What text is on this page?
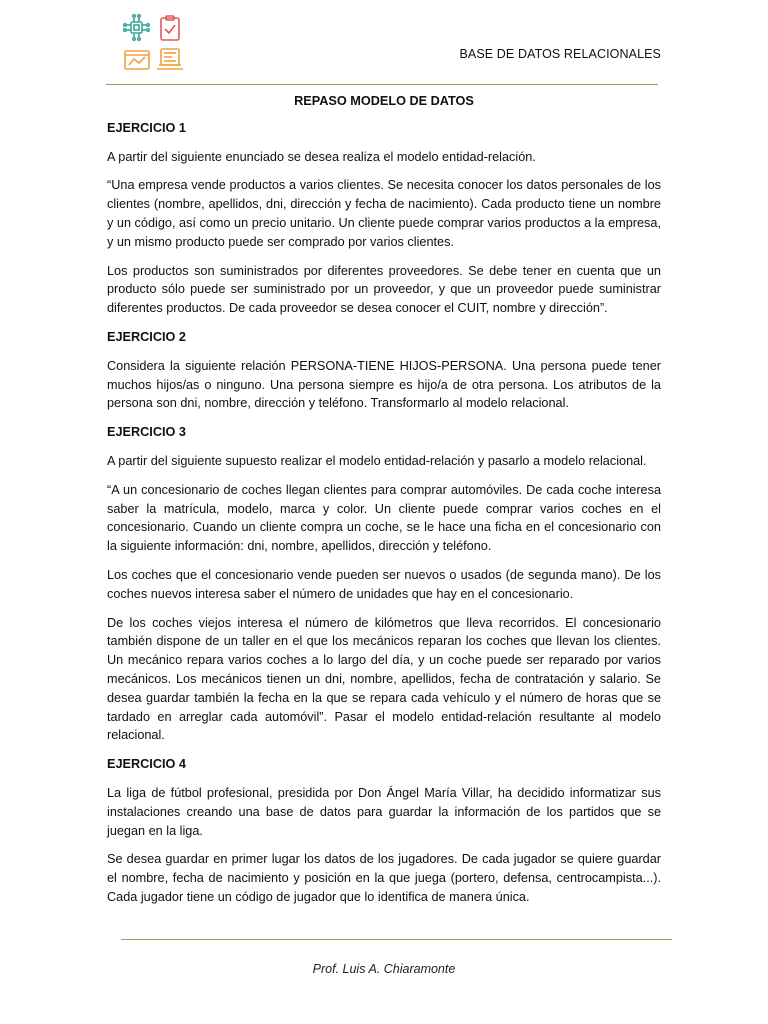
BASE DE DATOS RELACIONALES
REPASO MODELO DE DATOS
EJERCICIO 1

A partir del siguiente enunciado se desea realiza el modelo entidad-relación.

“Una empresa vende productos a varios clientes. Se necesita conocer los datos personales de los clientes (nombre, apellidos, dni, dirección y fecha de nacimiento). Cada producto tiene un nombre y un código, así como un precio unitario. Un cliente puede comprar varios productos a la empresa, y un mismo producto puede ser comprado por varios clientes.

Los productos son suministrados por diferentes proveedores. Se debe tener en cuenta que un producto sólo puede ser suministrado por un proveedor, y que un proveedor puede suministrar diferentes productos. De cada proveedor se desea conocer el CUIT, nombre y dirección”.

EJERCICIO 2

Considera la siguiente relación PERSONA-TIENE HIJOS-PERSONA. Una persona puede tener muchos hijos/as o ninguno. Una persona siempre es hijo/a de otra persona. Los atributos de la persona son dni, nombre, dirección y teléfono. Transformarlo al modelo relacional.

EJERCICIO 3

A partir del siguiente supuesto realizar el modelo entidad-relación y pasarlo a modelo relacional.

“A un concesionario de coches llegan clientes para comprar automóviles. De cada coche interesa saber la matrícula, modelo, marca y color. Un cliente puede comprar varios coches en el concesionario. Cuando un cliente compra un coche, se le hace una ficha en el concesionario con la siguiente información: dni, nombre, apellidos, dirección y teléfono.

Los coches que el concesionario vende pueden ser nuevos o usados (de segunda mano). De los coches nuevos interesa saber el número de unidades que hay en el concesionario.

De los coches viejos interesa el número de kilómetros que lleva recorridos. El concesionario también dispone de un taller en el que los mecánicos reparan los coches que llevan los clientes. Un mecánico repara varios coches a lo largo del día, y un coche puede ser reparado por varios mecánicos. Los mecánicos tienen un dni, nombre, apellidos, fecha de contratación y salario. Se desea guardar también la fecha en la que se repara cada vehículo y el número de horas que se tardado en arreglar cada automóvil”. Pasar el modelo entidad-relación resultante al modelo relacional.

EJERCICIO 4

La liga de fútbol profesional, presidida por Don Ángel María Villar, ha decidido informatizar sus instalaciones creando una base de datos para guardar la información de los partidos que se juegan en la liga.

Se desea guardar en primer lugar los datos de los jugadores. De cada jugador se quiere guardar el nombre, fecha de nacimiento y posición en la que juega (portero, defensa, centrocampista...). Cada jugador tiene un código de jugador que lo identifica de manera única.

Prof. Luis A. Chiaramonte
